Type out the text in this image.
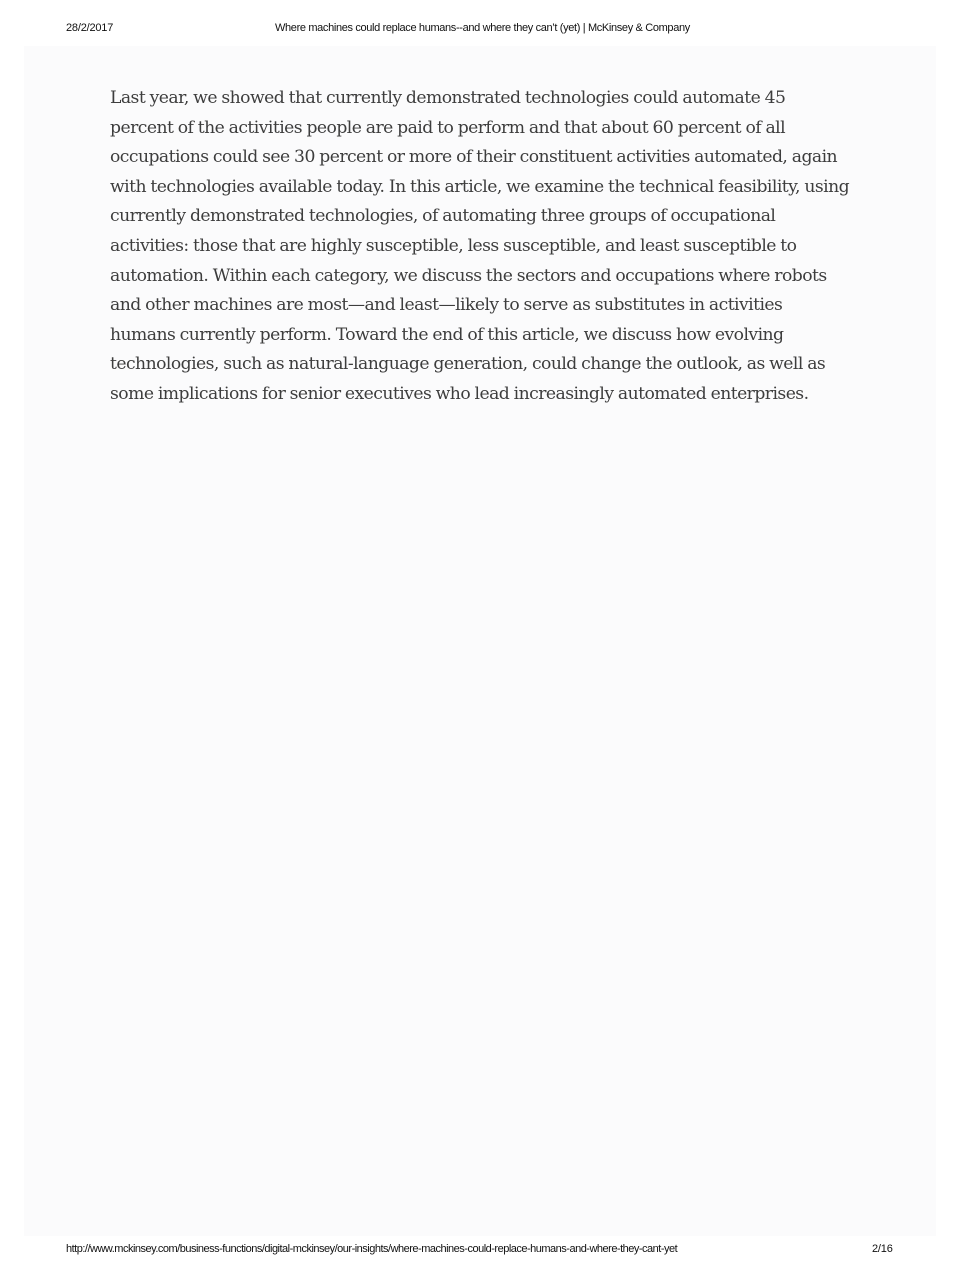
28/2/2017	Where machines could replace humans--and where they can’t (yet) | McKinsey & Company

Last year, we showed that currently demonstrated technologies could automate 45 percent of the activities people are paid to perform and that about 60 percent of all occupations could see 30 percent or more of their constituent activities automated, again with technologies available today. In this article, we examine the technical feasibility, using currently demonstrated technologies, of automating three groups of occupational activities: those that are highly susceptible, less susceptible, and least susceptible to automation. Within each category, we discuss the sectors and occupations where robots and other machines are most—and least—likely to serve as substitutes in activities humans currently perform. Toward the end of this article, we discuss how evolving technologies, such as natural-language generation, could change the outlook, as well as some implications for senior executives who lead increasingly automated enterprises.

http://www.mckinsey.com/business-functions/digital-mckinsey/our-insights/where-machines-could-replace-humans-and-where-they-cant-yet	2/16
